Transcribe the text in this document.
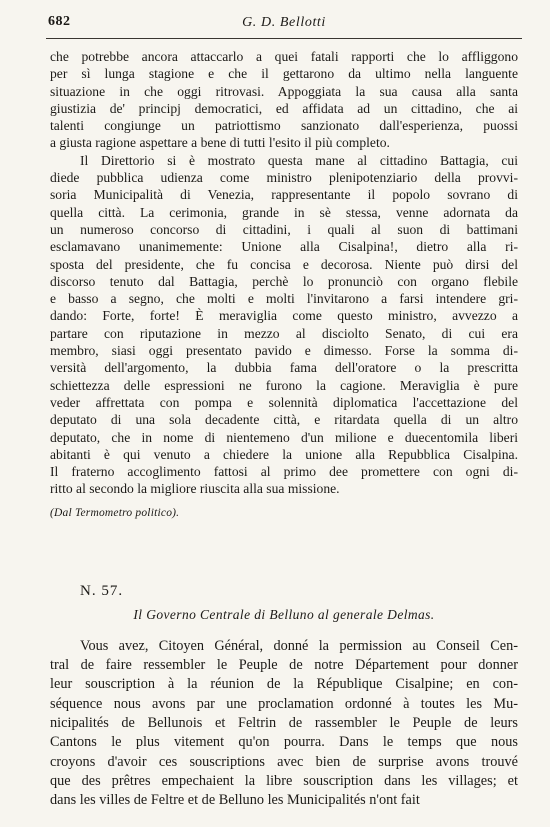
682	G. D. Bellotti
che potrebbe ancora attaccarlo a quei fatali rapporti che lo affliggono
per sì lunga stagione e che il gettarono da ultimo nella languente
situazione in che oggi ritrovasi. Appoggiata la sua causa alla santa
giustizia de' principj democratici, ed affidata ad un cittadino, che ai
talenti congiunge un patriottismo sanzionato dall'esperienza, puossi
a giusta ragione aspettare a bene di tutti l'esito il più completo.
Il Direttorio si è mostrato questa mane al cittadino Battagia, cui
diede pubblica udienza come ministro plenipotenziario della provvi-
soria Municipalità di Venezia, rappresentante il popolo sovrano di
quella città. La cerimonia, grande in sè stessa, venne adornata da
un numeroso concorso di cittadini, i quali al suon di battimani
esclamavano unanimemente: Unione alla Cisalpina!, dietro alla ri-
sposta del presidente, che fu concisa e decorosa. Niente può dirsi del
discorso tenuto dal Battagia, perchè lo pronunciò con organo flebile
e basso a segno, che molti e molti l'invitarono a farsi intendere gri-
dando: Forte, forte! È meraviglia come questo ministro, avvezzo a
partare con riputazione in mezzo al disciolto Senato, di cui era
membro, siasi oggi presentato pavido e dimesso. Forse la somma di-
versità dell'argomento, la dubbia fama dell'oratore o la prescritta
schiettezza delle espressioni ne furono la cagione. Meraviglia è pure
veder affrettata con pompa e solennità diplomatica l'accettazione del
deputato di una sola decadente città, e ritardata quella di un altro
deputato, che in nome di nientemeno d'un milione e duecentomila liberi
abitanti è qui venuto a chiedere la unione alla Repubblica Cisalpina.
Il fraterno accoglimento fattosi al primo dee promettere con ogni di-
ritto al secondo la migliore riuscita alla sua missione.
(Dal Termometro politico).
N. 57.
Il Governo Centrale di Belluno al generale Delmas.
Vous avez, Citoyen Général, donné la permission au Conseil Cen-
tral de faire ressembler le Peuple de notre Département pour donner
leur souscription à la réunion de la République Cisalpine; en con-
séquence nous avons par une proclamation ordonné à toutes les Mu-
nicipalités de Bellunois et Feltrin de rassembler le Peuple de leurs
Cantons le plus vitement qu'on pourra. Dans le temps que nous
croyons d'avoir ces souscriptions avec bien de surprise avons trouvé
que des prêtres empechaient la libre souscription dans les villages; et
dans les villes de Feltre et de Belluno les Municipalités n'ont fait
